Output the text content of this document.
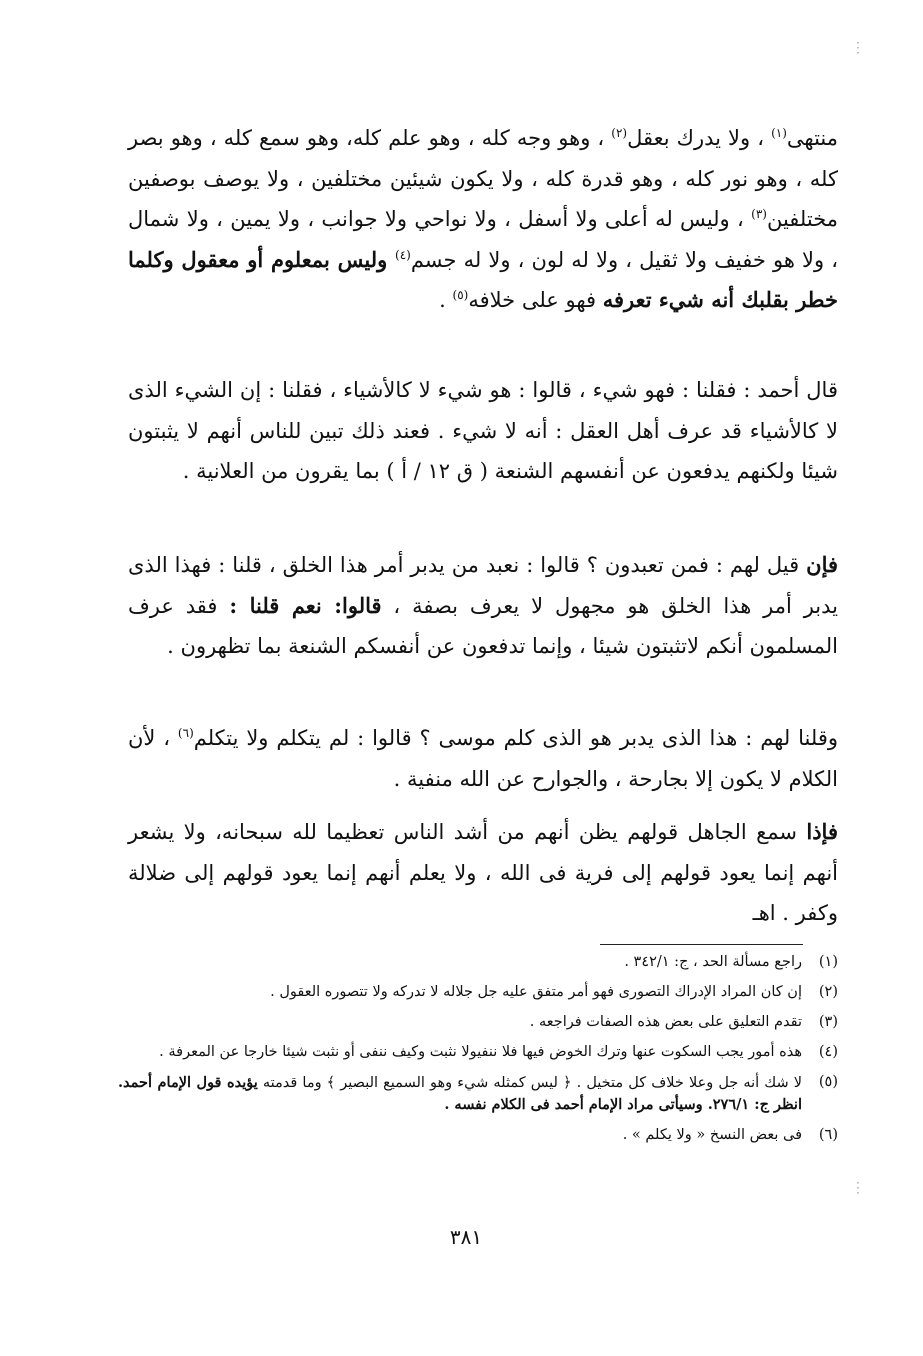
منتهى$^{(١)}$ ، ولا يدرك بعقل$^{(٢)}$ ، وهو وجه كله ، وهو علم كله، وهو سمع كله ، وهو بصر كله ، وهو نور كله ، وهو قدرة كله ، ولا يكون شيئين مختلفين ، ولا يوصف بوصفين مختلفين$^{(٣)}$ ، وليس له أعلى ولا أسفل ، ولا نواحي ولا جوانب ، ولا يمين ، ولا شمال ، ولا هو خفيف ولا ثقيل ، ولا له لون ، ولا له جسم$^{(٤)}$ وليس بمعلوم أو معقول وكلما خطر بقلبك أنه شيء تعرفه فهو على خلافه$^{(٥)}$ .

قال أحمد : فقلنا : فهو شيء ، قالوا : هو شيء لا كالأشياء ، فقلنا : إن الشيء الذى لا كالأشياء قد عرف أهل العقل : أنه لا شيء . فعند ذلك تبين للناس أنهم لا يثبتون شيئا ولكنهم يدفعون عن أنفسهم الشنعة ( ق ١٢ / أ ) بما يقرون من العلانية .

فإن قيل لهم : فمن تعبدون ؟ قالوا : نعبد من يدبر أمر هذا الخلق ، قلنا : فهذا الذى يدبر أمر هذا الخلق هو مجهول لا يعرف بصفة ، قالوا: نعم قلنا : فقد عرف المسلمون أنكم لاتثبتون شيئا ، وإنما تدفعون عن أنفسكم الشنعة بما تظهرون .

وقلنا لهم : هذا الذى يدبر هو الذى كلم موسى ؟ قالوا : لم يتكلم ولا يتكلم$^{(٦)}$ ، لأن الكلام لا يكون إلا بجارحة ، والجوارح عن الله منفية .

فإذا سمع الجاهل قولهم يظن أنهم من أشد الناس تعظيما لله سبحانه، ولا يشعر أنهم إنما يعود قولهم إلى فرية فى الله ، ولا يعلم أنهم إنما يعود قولهم إلى ضلالة وكفر . اهـ

(١)
راجع مسألة الحد ، ج: ٣٤٢/١ .
(٢)
إن كان المراد الإدراك التصورى فهو أمر متفق عليه جل جلاله لا تدركه ولا تتصوره العقول .
(٣)
تقدم التعليق على بعض هذه الصفات فراجعه .
(٤)
هذه أمور يجب السكوت عنها وترك الخوض فيها فلا ننفيولا نثبت وكيف ننفى أو نثبت شيئا خارجا عن المعرفة .
(٥)
لا شك أنه جل وعلا خلاف كل متخيل . ﴿ ليس كمثله شيء وهو السميع البصير ﴾ وما قدمته يؤيده قول الإمام أحمد. انظر ج: ٢٧٦/١. وسيأتى مراد الإمام أحمد فى الكلام نفسه .
(٦)
فى بعض النسخ « ولا يكلم » .
٣٨١
⋮
⋮
